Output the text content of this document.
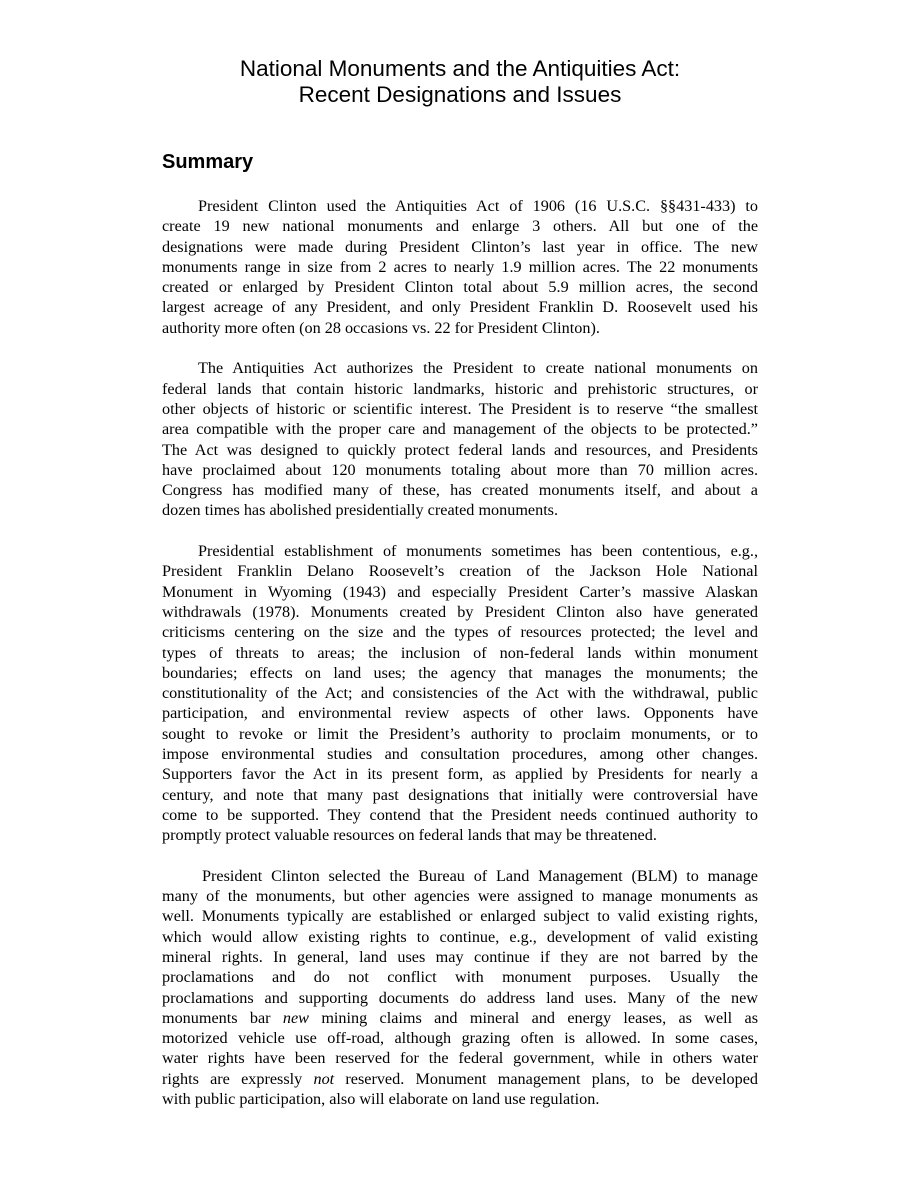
National Monuments and the Antiquities Act:
Recent Designations and Issues
Summary
President Clinton used the Antiquities Act of 1906 (16 U.S.C. §§431-433) to
create 19 new national monuments and enlarge 3 others. All but one of the
designations were made during President Clinton’s last year in office. The new
monuments range in size from 2 acres to nearly 1.9 million acres. The 22 monuments
created or enlarged by President Clinton total about 5.9 million acres, the second
largest acreage of any President, and only President Franklin D. Roosevelt used his
authority more often (on 28 occasions vs. 22 for President Clinton).
The Antiquities Act authorizes the President to create national monuments on
federal lands that contain historic landmarks, historic and prehistoric structures, or
other objects of historic or scientific interest. The President is to reserve “the smallest
area compatible with the proper care and management of the objects to be protected.”
The Act was designed to quickly protect federal lands and resources, and Presidents
have proclaimed about 120 monuments totaling about more than 70 million acres.
Congress has modified many of these, has created monuments itself, and about a
dozen times has abolished presidentially created monuments.
Presidential establishment of monuments sometimes has been contentious, e.g.,
President Franklin Delano Roosevelt’s creation of the Jackson Hole National
Monument in Wyoming (1943) and especially President Carter’s massive Alaskan
withdrawals (1978). Monuments created by President Clinton also have generated
criticisms centering on the size and the types of resources protected; the level and
types of threats to areas; the inclusion of non-federal lands within monument
boundaries; effects on land uses; the agency that manages the monuments; the
constitutionality of the Act; and consistencies of the Act with the withdrawal, public
participation, and environmental review aspects of other laws. Opponents have
sought to revoke or limit the President’s authority to proclaim monuments, or to
impose environmental studies and consultation procedures, among other changes.
Supporters favor the Act in its present form, as applied by Presidents for nearly a
century, and note that many past designations that initially were controversial have
come to be supported. They contend that the President needs continued authority to
promptly protect valuable resources on federal lands that may be threatened.
President Clinton selected the Bureau of Land Management (BLM) to manage
many of the monuments, but other agencies were assigned to manage monuments as
well. Monuments typically are established or enlarged subject to valid existing rights,
which would allow existing rights to continue, e.g., development of valid existing
mineral rights. In general, land uses may continue if they are not barred by the
proclamations and do not conflict with monument purposes. Usually the
proclamations and supporting documents do address land uses. Many of the new
monuments bar new mining claims and mineral and energy leases, as well as
motorized vehicle use off-road, although grazing often is allowed. In some cases,
water rights have been reserved for the federal government, while in others water
rights are expressly not reserved. Monument management plans, to be developed
with public participation, also will elaborate on land use regulation.
